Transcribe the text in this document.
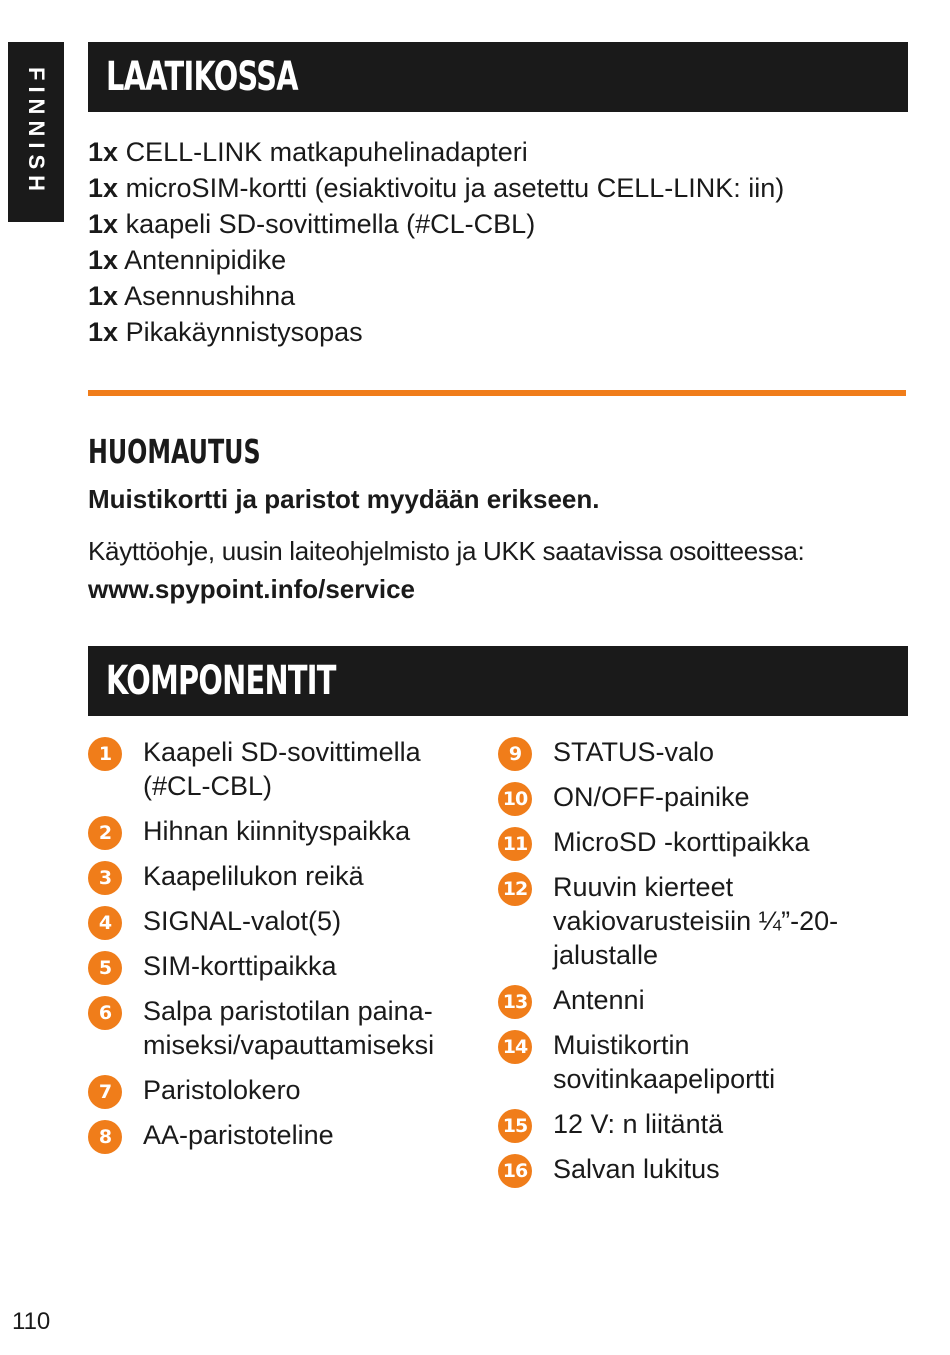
FINNISH LAATIKOSSA
1x CELL-LINK matkapuhelinadapteri
1x microSIM-kortti (esiaktivoitu ja asetettu CELL-LINK: iin)
1x kaapeli SD-sovittimella (#CL-CBL)
1x Antennipidike
1x Asennushihna
1x Pikakäynnistysopas
HUOMAUTUS
Muistikortti ja paristot myydään erikseen.
Käyttöohje, uusin laiteohjelmisto ja UKK saatavissa osoitteessa:
www.spypoint.info/service
KOMPONENTIT
1	Kaapeli SD-sovittimella (#CL-CBL)
2	Hihnan kiinnityspaikka
3	Kaapelilukon reikä
4	SIGNAL-valot(5)
5	SIM-korttipaikka
6	Salpa paristotilan paina-miseksi/vapauttamiseksi
7	Paristolokero
8	AA-paristoteline
9	STATUS-valo
10 ON/OFF-painike
11 MicroSD -korttipaikka
12 Ruuvin kierteet vakiovarusteisiin ¼”-20-jalustalle
13 Antenni
14 Muistikortin sovitinkaapeliportti
15 12 V: n liitäntä
16 Salvan lukitus
110
